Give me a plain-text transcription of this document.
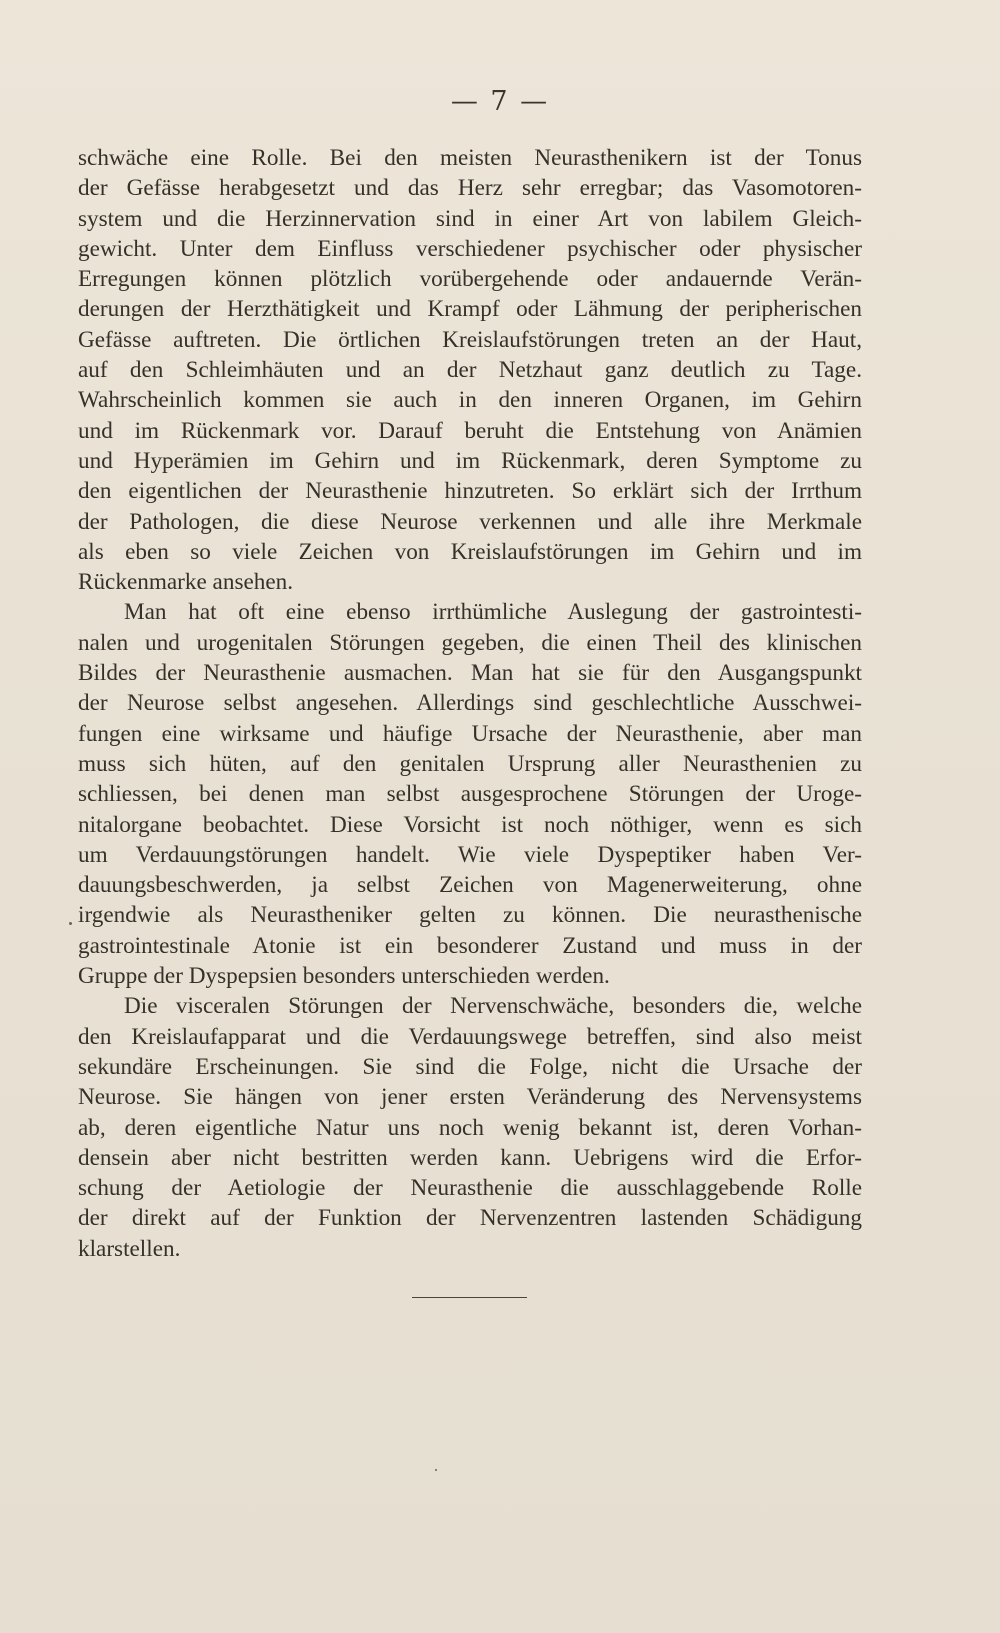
— 7 —
schwäche eine Rolle. Bei den meisten Neurasthenikern ist der Tonus
der Gefässe herabgesetzt und das Herz sehr erregbar; das Vasomotoren-
system und die Herzinnervation sind in einer Art von labilem Gleich-
gewicht. Unter dem Einfluss verschiedener psychischer oder physischer
Erregungen können plötzlich vorübergehende oder andauernde Verän-
derungen der Herzthätigkeit und Krampf oder Lähmung der peripherischen
Gefässe auftreten. Die örtlichen Kreislaufstörungen treten an der Haut,
auf den Schleimhäuten und an der Netzhaut ganz deutlich zu Tage.
Wahrscheinlich kommen sie auch in den inneren Organen, im Gehirn
und im Rückenmark vor. Darauf beruht die Entstehung von Anämien
und Hyperämien im Gehirn und im Rückenmark, deren Symptome zu
den eigentlichen der Neurasthenie hinzutreten. So erklärt sich der Irrthum
der Pathologen, die diese Neurose verkennen und alle ihre Merkmale
als eben so viele Zeichen von Kreislaufstörungen im Gehirn und im
Rückenmarke ansehen.
Man hat oft eine ebenso irrthümliche Auslegung der gastrointesti-
nalen und urogenitalen Störungen gegeben, die einen Theil des klinischen
Bildes der Neurasthenie ausmachen. Man hat sie für den Ausgangspunkt
der Neurose selbst angesehen. Allerdings sind geschlechtliche Ausschwei-
fungen eine wirksame und häufige Ursache der Neurasthenie, aber man
muss sich hüten, auf den genitalen Ursprung aller Neurasthenien zu
schliessen, bei denen man selbst ausgesprochene Störungen der Uroge-
nitalorgane beobachtet. Diese Vorsicht ist noch nöthiger, wenn es sich
um Verdauungstörungen handelt. Wie viele Dyspeptiker haben Ver-
dauungsbeschwerden, ja selbst Zeichen von Magenerweiterung, ohne
irgendwie als Neurastheniker gelten zu können. Die neurasthenische
gastrointestinale Atonie ist ein besonderer Zustand und muss in der
Gruppe der Dyspepsien besonders unterschieden werden.
Die visceralen Störungen der Nervenschwäche, besonders die, welche
den Kreislaufapparat und die Verdauungswege betreffen, sind also meist
sekundäre Erscheinungen. Sie sind die Folge, nicht die Ursache der
Neurose. Sie hängen von jener ersten Veränderung des Nervensystems
ab, deren eigentliche Natur uns noch wenig bekannt ist, deren Vorhan-
densein aber nicht bestritten werden kann. Uebrigens wird die Erfor-
schung der Aetiologie der Neurasthenie die ausschlaggebende Rolle
der direkt auf der Funktion der Nervenzentren lastenden Schädigung
klarstellen.
